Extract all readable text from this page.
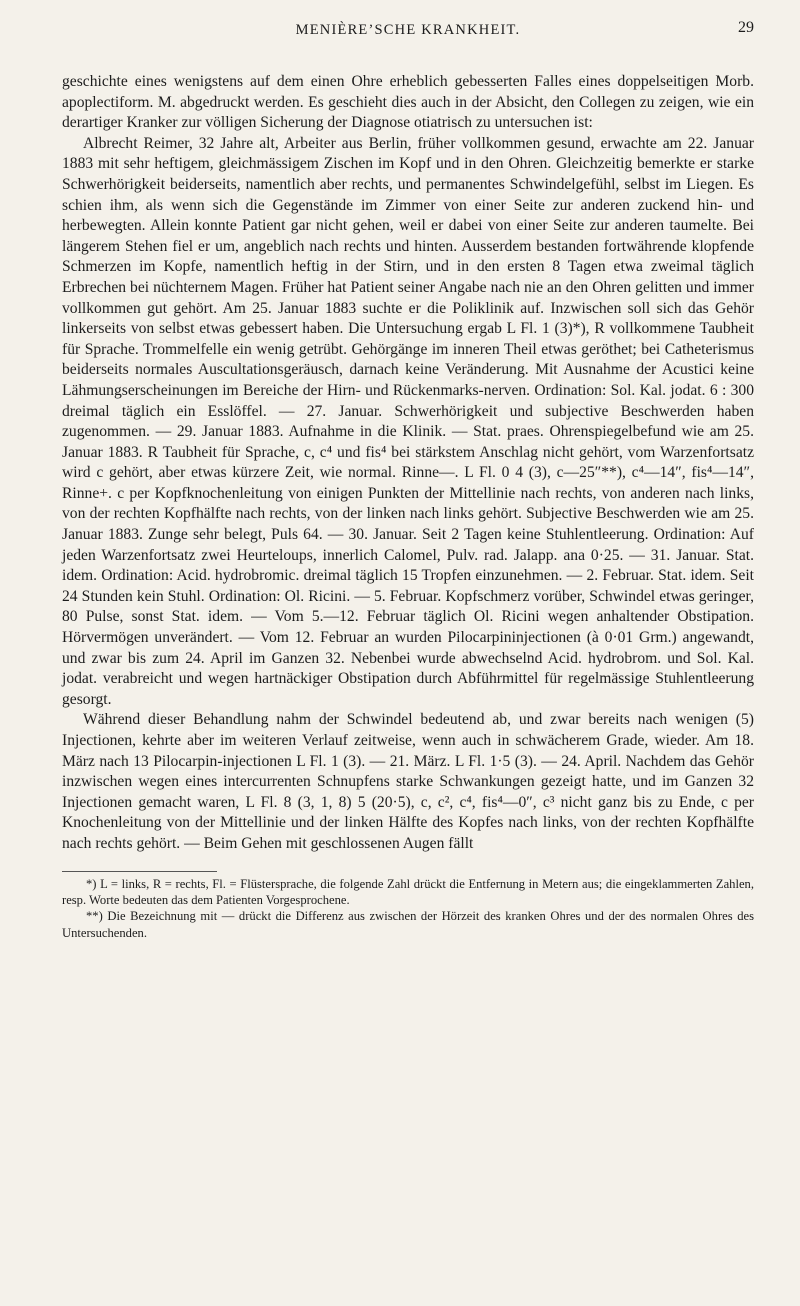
MENIÈRE’SCHE KRANKHEIT.	29

geschichte eines wenigstens auf dem einen Ohre erheblich gebesserten Falles eines doppelseitigen Morb. apoplectiform. M. abgedruckt werden. Es geschieht dies auch in der Absicht, den Collegen zu zeigen, wie ein derartiger Kranker zur völligen Sicherung der Diagnose otiatrisch zu untersuchen ist:

Albrecht Reimer, 32 Jahre alt, Arbeiter aus Berlin, früher vollkommen gesund, erwachte am 22. Januar 1883 mit sehr heftigem, gleichmässigem Zischen im Kopf und in den Ohren. Gleichzeitig bemerkte er starke Schwerhörigkeit beiderseits, namentlich aber rechts, und permanentes Schwindelgefühl, selbst im Liegen. Es schien ihm, als wenn sich die Gegenstände im Zimmer von einer Seite zur anderen zuckend hin- und herbewegten. Allein konnte Patient gar nicht gehen, weil er dabei von einer Seite zur anderen taumelte. Bei längerem Stehen fiel er um, angeblich nach rechts und hinten. Ausserdem bestanden fortwährende klopfende Schmerzen im Kopfe, namentlich heftig in der Stirn, und in den ersten 8 Tagen etwa zweimal täglich Erbrechen bei nüchternem Magen. Früher hat Patient seiner Angabe nach nie an den Ohren gelitten und immer vollkommen gut gehört. Am 25. Januar 1883 suchte er die Poliklinik auf. Inzwischen soll sich das Gehör linkerseits von selbst etwas gebessert haben. Die Untersuchung ergab L Fl. 1 (3)*), R vollkommene Taubheit für Sprache. Trommelfelle ein wenig getrübt. Gehörgänge im inneren Theil etwas geröthet; bei Catheterismus beiderseits normales Auscultationsgeräusch, darnach keine Veränderung. Mit Ausnahme der Acustici keine Lähmungserscheinungen im Bereiche der Hirn- und Rückenmarks-nerven. Ordination: Sol. Kal. jodat. 6 : 300 dreimal täglich ein Esslöffel. — 27. Januar. Schwerhörigkeit und subjective Beschwerden haben zugenommen. — 29. Januar 1883. Aufnahme in die Klinik. — Stat. praes. Ohrenspiegelbefund wie am 25. Januar 1883. R Taubheit für Sprache, c, c⁴ und fis⁴ bei stärkstem Anschlag nicht gehört, vom Warzenfortsatz wird c gehört, aber etwas kürzere Zeit, wie normal. Rinne—. L Fl. 0 4 (3), c—25″**), c⁴—14″, fis⁴—14″, Rinne+. c per Kopfknochenleitung von einigen Punkten der Mittellinie nach rechts, von anderen nach links, von der rechten Kopfhälfte nach rechts, von der linken nach links gehört. Subjective Beschwerden wie am 25. Januar 1883. Zunge sehr belegt, Puls 64. — 30. Januar. Seit 2 Tagen keine Stuhlentleerung. Ordination: Auf jeden Warzenfortsatz zwei Heurteloups, innerlich Calomel, Pulv. rad. Jalapp. ana 0·25. — 31. Januar. Stat. idem. Ordination: Acid. hydrobromic. dreimal täglich 15 Tropfen einzunehmen. — 2. Februar. Stat. idem. Seit 24 Stunden kein Stuhl. Ordination: Ol. Ricini. — 5. Februar. Kopfschmerz vorüber, Schwindel etwas geringer, 80 Pulse, sonst Stat. idem. — Vom 5.—12. Februar täglich Ol. Ricini wegen anhaltender Obstipation. Hörvermögen unverändert. — Vom 12. Februar an wurden Pilocarpininjectionen (à 0·01 Grm.) angewandt, und zwar bis zum 24. April im Ganzen 32. Nebenbei wurde abwechselnd Acid. hydrobrom. und Sol. Kal. jodat. verabreicht und wegen hartnäckiger Obstipation durch Abführmittel für regelmässige Stuhlentleerung gesorgt.

Während dieser Behandlung nahm der Schwindel bedeutend ab, und zwar bereits nach wenigen (5) Injectionen, kehrte aber im weiteren Verlauf zeitweise, wenn auch in schwächerem Grade, wieder. Am 18. März nach 13 Pilocarpin-injectionen L Fl. 1 (3). — 21. März. L Fl. 1·5 (3). — 24. April. Nachdem das Gehör inzwischen wegen eines intercurrenten Schnupfens starke Schwankungen gezeigt hatte, und im Ganzen 32 Injectionen gemacht waren, L Fl. 8 (3, 1, 8) 5 (20·5), c, c², c⁴, fis⁴—0″, c³ nicht ganz bis zu Ende, c per Knochenleitung von der Mittellinie und der linken Hälfte des Kopfes nach links, von der rechten Kopfhälfte nach rechts gehört. — Beim Gehen mit geschlossenen Augen fällt

*) L = links, R = rechts, Fl. = Flüstersprache, die folgende Zahl drückt die Entfernung in Metern aus; die eingeklammerten Zahlen, resp. Worte bedeuten das dem Patienten Vorgesprochene.

**) Die Bezeichnung mit — drückt die Differenz aus zwischen der Hörzeit des kranken Ohres und der des normalen Ohres des Untersuchenden.
